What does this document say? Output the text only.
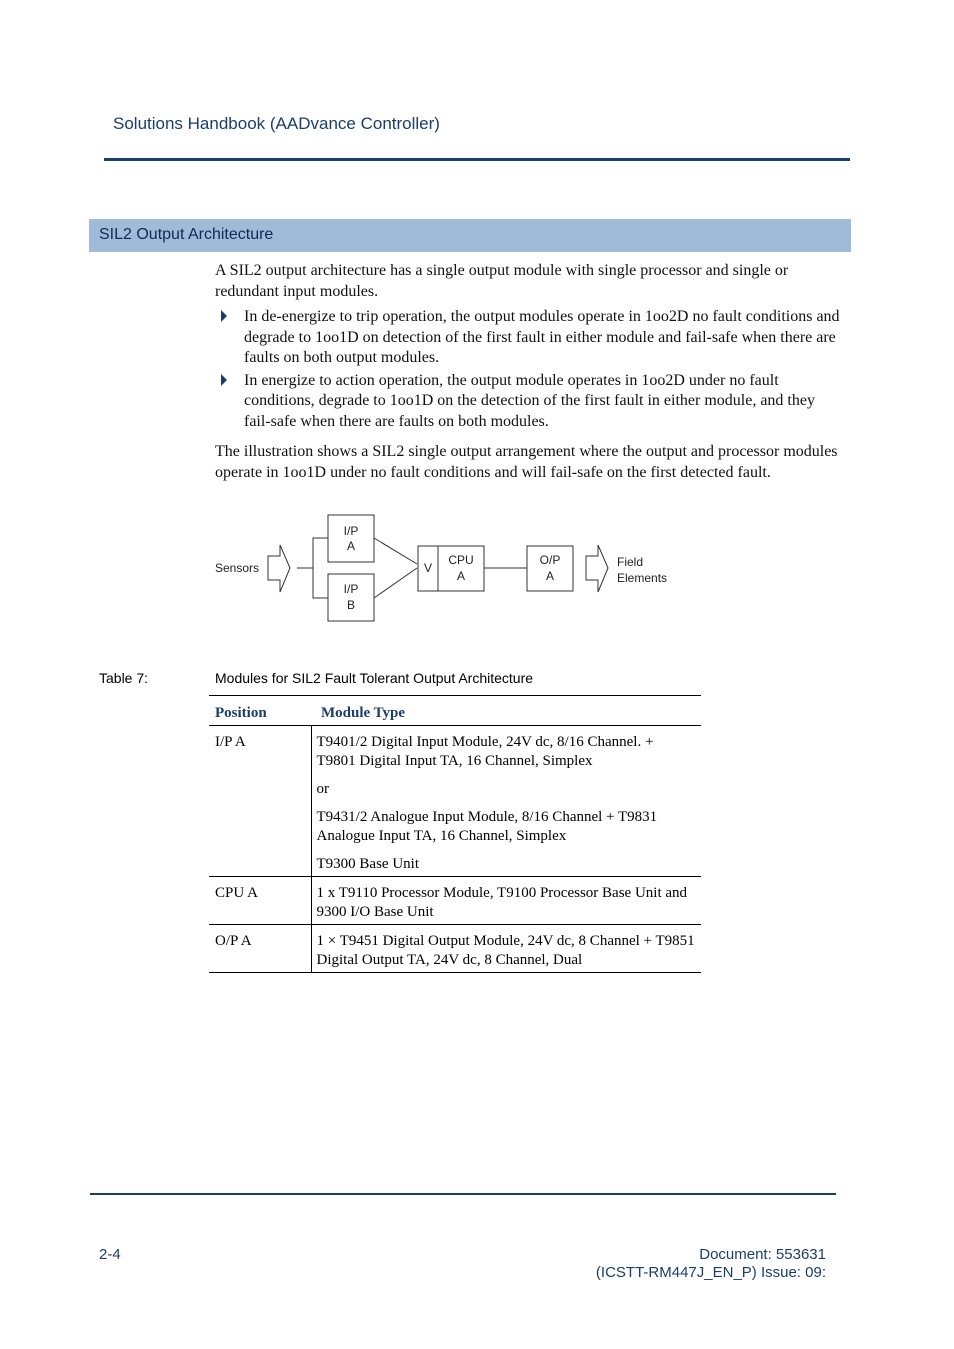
Solutions Handbook (AADvance Controller)
SIL2 Output Architecture
A SIL2 output architecture has a single output module with single processor and single or redundant input modules.
In de-energize to trip operation, the output modules operate in 1oo2D no fault conditions and degrade to 1oo1D on detection of the first fault in either module and fail-safe when there are faults on both output modules.
In energize to action operation, the output module operates in 1oo2D under no fault conditions, degrade to 1oo1D on the detection of the first fault in either module, and they fail-safe when there are faults on both modules.
The illustration shows a SIL2 single output arrangement where the output and processor modules operate in 1oo1D under no fault conditions and will fail-safe on the first detected fault.
Sensors
I/P
A
I/P
B
V
CPU
A
O/P
A
Field
Elements
Table 7:	Modules for SIL2 Fault Tolerant Output Architecture
Position	Module Type
I/P A	T9401/2 Digital Input Module, 24V dc, 8/16 Channel. + T9801 Digital Input TA, 16 Channel, Simplex

or

T9431/2 Analogue Input Module, 8/16 Channel + T9831 Analogue Input TA, 16 Channel, Simplex

T9300 Base Unit

CPU A	1 x T9110 Processor Module, T9100 Processor Base Unit and 9300 I/O Base Unit

O/P A	1 × T9451 Digital Output Module, 24V dc, 8 Channel + T9851 Digital Output TA, 24V dc, 8 Channel, Dual

2-4	Document: 553631
(ICSTT-RM447J_EN_P) Issue: 09:
